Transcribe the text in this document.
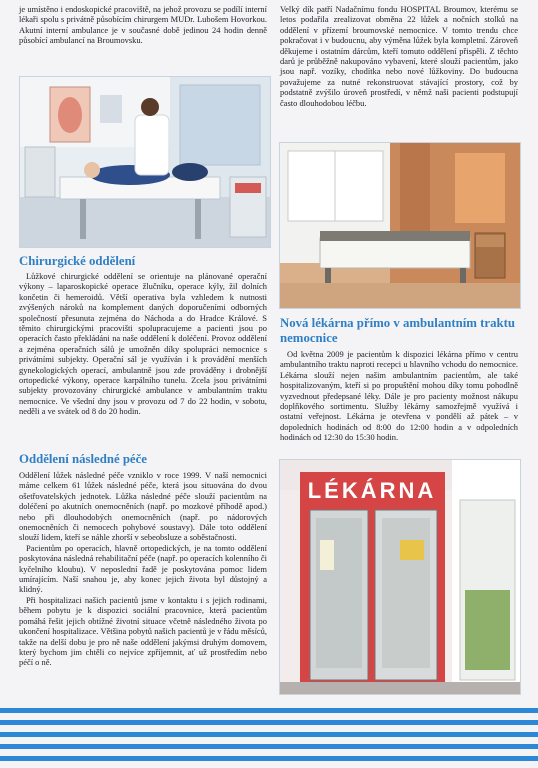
je umístěno i endoskopické pracoviště, na jehož provozu se podílí interní lékaři spolu s privátně působícím chirurgem MUDr. Lubošem Hovorkou. Akutní interní ambulance je v současné době jedinou 24 hodin denně působící ambulancí na Broumovsku.

Chirurgické oddělení

Lůžkové chirurgické oddělení se orientuje na plánované operační výkony – laparoskopické operace žlučníku, operace kýly, žil dolních končetin či hemeroidů. Větší operativa byla vzhledem k nutnosti zvýšených nároků na komplement daných doporučeními odborných společností přesunuta zejména do Náchoda a do Hradce Králové. S těmito chirurgickými pracovišti spolupracujeme a pacienti jsou po operacích často překládáni na naše oddělení k doléčení. Provoz oddělení a zejména operačních sálů je umožněn díky spolupráci nemocnice s privátními subjekty. Operační sál je využíván i k provádění menších gynekologických operací, ambulantně jsou zde prováděny i drobnější ortopedické výkony, operace karpálního tunelu. Zcela jsou privátními subjekty provozovány chirurgické ambulance v ambulantním traktu nemocnice. Ve všední dny jsou v provozu od 7 do 22 hodin, v sobotu, neděli a ve svátek od 8 do 20 hodin.

Oddělení následné péče

Oddělení lůžek následné péče vzniklo v roce 1999. V naší nemocnici máme celkem 61 lůžek následné péče, která jsou situována do dvou ošetřovatelských jednotek. Lůžka následné péče slouží pacientům na doléčení po akutních onemocněních (např. po mozkové příhodě apod.) nebo při dlouhodobých onemocněních (např. po nádorových onemocněních či nemocech pohybové soustavy). Dále toto oddělení slouží lidem, kteří se náhle zhorší v sebeobsluze a soběstačnosti.

Pacientům po operacích, hlavně ortopedických, je na tomto oddělení poskytována následná rehabilitační péče (např. po operacích kolenního či kyčelního kloubu). V neposlední řadě je poskytována pomoc lidem umírajícím. Naší snahou je, aby konec jejich života byl důstojný a klidný.

Při hospitalizaci našich pacientů jsme v kontaktu i s jejich rodinami, během pobytu je k dispozici sociální pracovnice, která pacientům pomáhá řešit jejich obtížné životní situace včetně následného života po ukončení hospitalizace. Většina pobytů našich pacientů je v řádu měsíců, takže na delší dobu je pro ně naše oddělení jakýmsi druhým domovem, který bychom jim chtěli co nejvíce zpříjemnit, ať už prostředím nebo péčí o ně.

Velký dík patří Nadačnímu fondu HOSPITAL Broumov, kterému se letos podařila zrealizovat obměna 22 lůžek a nočních stolků na oddělení v přízemí broumovské nemocnice. V tomto trendu chce pokračovat i v budoucnu, aby výměna lůžek byla kompletní. Zároveň děkujeme i ostatním dárcům, kteří tomuto oddělení přispěli. Z těchto darů je průběžně nakupováno vybavení, které slouží pacientům, jako jsou např. vozíky, chodítka nebo nové lůžkoviny. Do budoucna považujeme za nutné rekonstruovat stávající prostory, což by podstatně zvýšilo úroveň prostředí, v němž naši pacienti podstupují často dlouhodobou léčbu.

Nová lékárna přímo v ambulantním traktu nemocnice

Od května 2009 je pacientům k dispozici lékárna přímo v centru ambulantního traktu naproti recepci u hlavního vchodu do nemocnice. Lékárna slouží nejen našim ambulantním pacientům, ale také hospitalizovaným, kteří si po propuštění mohou díky tomu pohodlně vyzvednout předepsané léky. Dále je pro pacienty možnost nákupu doplňkového sortimentu. Služby lékárny samozřejmě využívá i ostatní veřejnost. Lékárna je otevřena v pondělí až pátek – v dopoledních hodinách od 8:00 do 12:00 hodin a v odpoledních hodinách od 12:30 do 15:30 hodin.

LÉKÁRNA
